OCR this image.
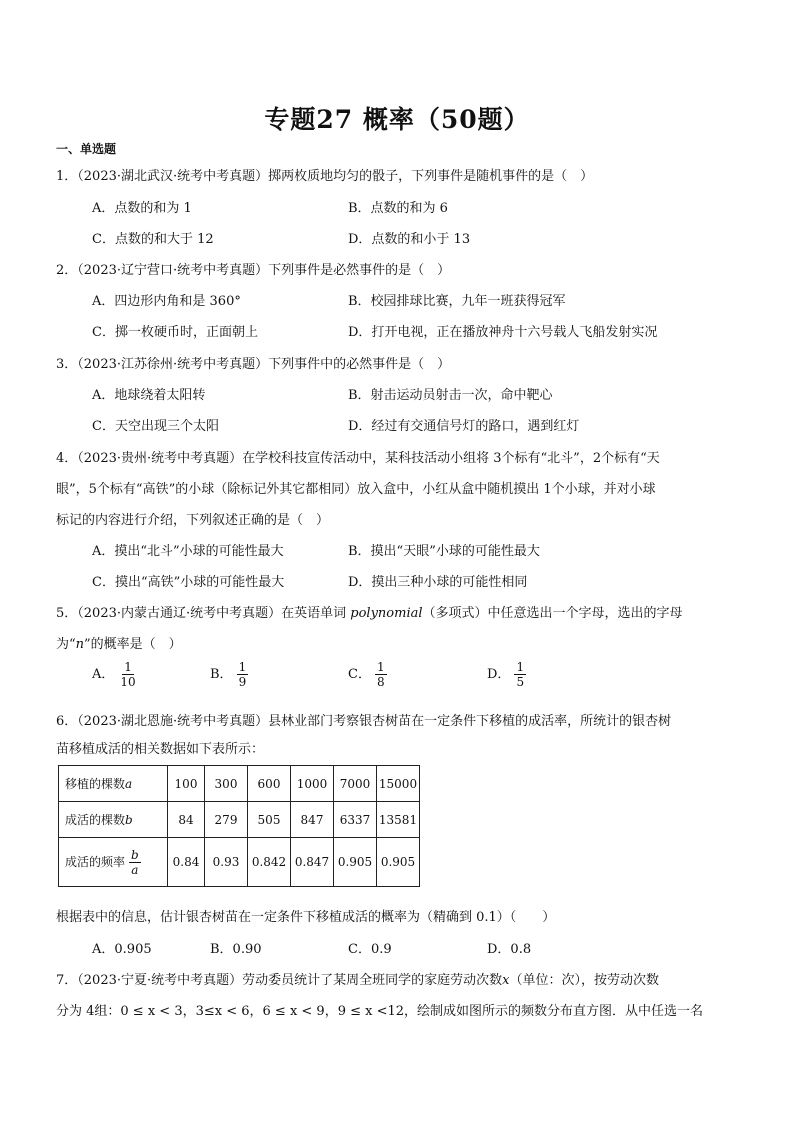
专题27 概率（50题）
一、单选题
1．（2023·湖北武汉·统考中考真题）掷两枚质地均匀的骰子，下列事件是随机事件的是（　）
A．点数的和为 1	B．点数的和为 6
C．点数的和大于 12	D．点数的和小于 13
2．（2023·辽宁营口·统考中考真题）下列事件是必然事件的是（　）
A．四边形内角和是 360°	B．校园排球比赛，九年一班获得冠军
C．掷一枚硬币时，正面朝上	D．打开电视，正在播放神舟十六号载人飞船发射实况
3．（2023·江苏徐州·统考中考真题）下列事件中的必然事件是（　）
A．地球绕着太阳转	B．射击运动员射击一次，命中靶心
C．天空出现三个太阳	D．经过有交通信号灯的路口，遇到红灯
4．（2023·贵州·统考中考真题）在学校科技宣传活动中，某科技活动小组将 3个标有“北斗”，2个标有“天
眼”，5个标有“高铁”的小球（除标记外其它都相同）放入盒中，小红从盒中随机摸出 1个小球，并对小球
标记的内容进行介绍，下列叙述正确的是（　）
A．摸出“北斗”小球的可能性最大	B．摸出“天眼”小球的可能性最大
C．摸出“高铁”小球的可能性最大	D．摸出三种小球的可能性相同
5．（2023·内蒙古通辽·统考中考真题）在英语单词 polynomial（多项式）中任意选出一个字母，选出的字母
为“n”的概率是（　）
A． $\frac{1}{10}$	B． $\frac{1}{9}$	C． $\frac{1}{8}$	D． $\frac{1}{5}$
6．（2023·湖北恩施·统考中考真题）县林业部门考察银杏树苗在一定条件下移植的成活率，所统计的银杏树
苗移植成活的相关数据如下表所示：
移植的棵数a	100	300	600	1000	7000	15000
成活的棵数b	84	279	505	847	6337	13581
成活的频率 $\frac{b}{a}$	0.84	0.93	0.842	0.847	0.905	0.905
根据表中的信息，估计银杏树苗在一定条件下移植成活的概率为（精确到 0.1）（　　）
A．0.905	B．0.90	C．0.9	D．0.8
7．（2023·宁夏·统考中考真题）劳动委员统计了某周全班同学的家庭劳动次数x（单位：次），按劳动次数
分为 4组：0 ≤ x < 3，3≤x < 6，6 ≤ x < 9，9 ≤ x <12，绘制成如图所示的频数分布直方图．从中任选一名
